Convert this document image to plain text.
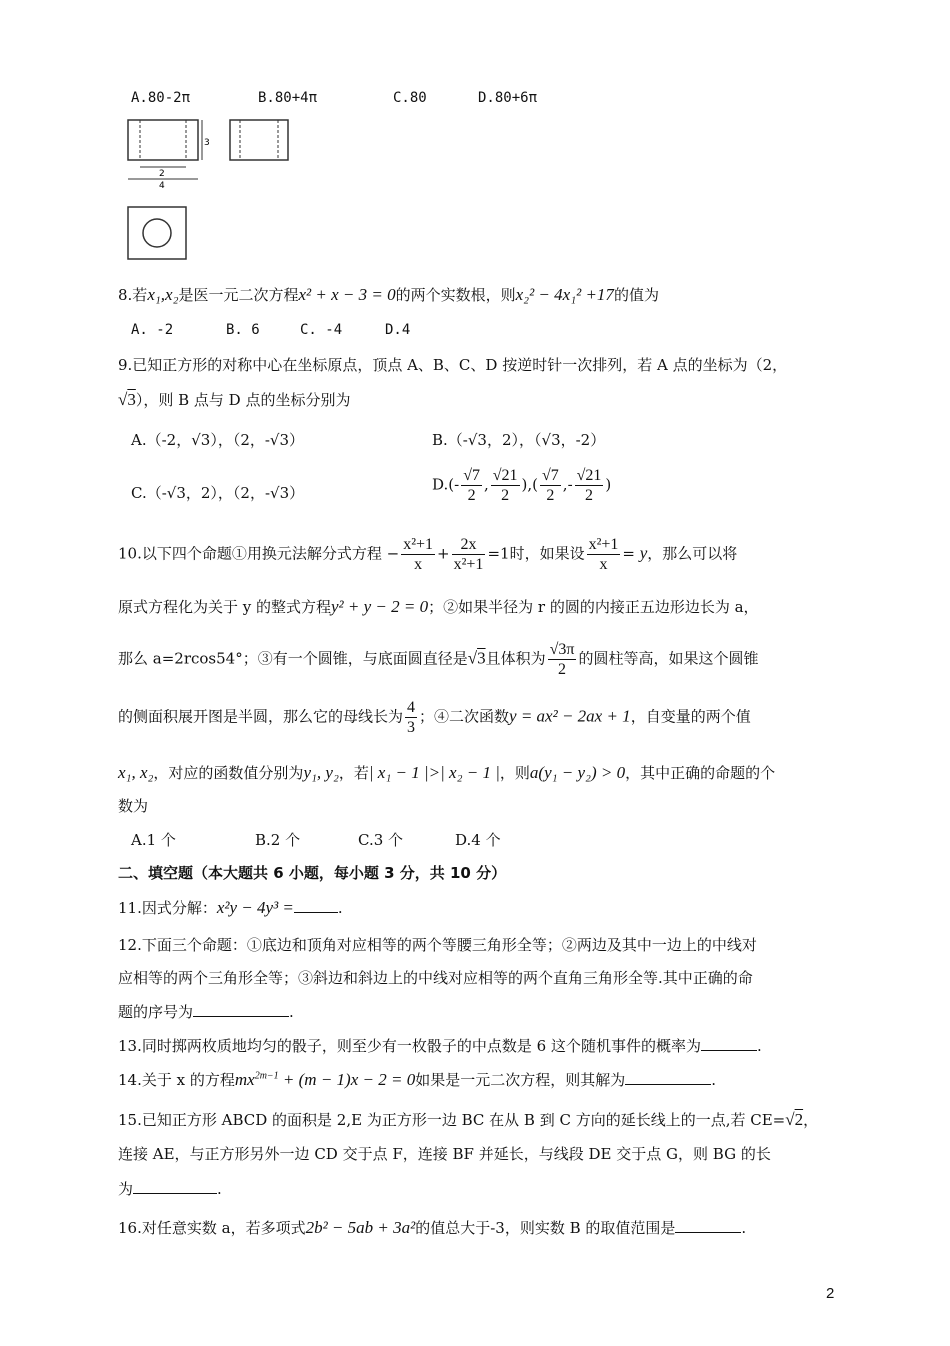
A.80-2π	B.80+4π	C.80	D.80+6π
3
2
4
8.若x₁,x₂是医一元二次方程x² + x − 3 = 0的两个实数根，则x₂² − 4x₁² +17的值为
A. -2	B. 6	C. -4	D.4
9.已知正方形的对称中心在坐标原点，顶点 A、B、C、D 按逆时针一次排列，若 A 点的坐标为（2，
√3），则 B 点与 D 点的坐标分别为
A.（-2，√3），（2，-√3）	B.（-√3，2），（√3，-2）
C.（-√3，2），（2，-√3）	$D.(- \frac{√7}{2}$ , $\frac{√21}{2}$ ),( $\frac{√7}{2}$ ,- $\frac{√21}{2}$ )
10.以下四个命题①用换元法解分式方程 − $\frac{\text{x²+1}}{x} + \frac{2x}{\text{x²+1}} =1$时，如果设 $\frac{\text{x²+1}}{x} = y$，那么可以将
原式方程化为关于 y 的整式方程y² + y − 2 = 0；②如果半径为 r 的圆的内接正五边形边长为 a，
那么 a=2rcos54°；③有一个圆锥，与底面圆直径是√3且体积为 $\frac{√3\pi}{2}$ 的圆柱等高，如果这个圆锥
的侧面积展开图是半圆，那么它的母线长为 $\frac{4}{3}$ ；④二次函数y = ax² − 2ax + 1，自变量的两个值
x₁, x₂，对应的函数值分别为y₁, y₂，若| x₁ − 1 |>| x₂ − 1 |，则a(y₁ − y₂) > 0，其中正确的命题的个
数为
A.1 个	B.2 个	C.3 个	D.4 个
二、填空题（本大题共 6 小题，每小题 3 分，共 10 分）
11.因式分解：x²y − 4y³ =	.
12.下面三个命题：①底边和顶角对应相等的两个等腰三角形全等；②两边及其中一边上的中线对
应相等的两个三角形全等；③斜边和斜边上的中线对应相等的两个直角三角形全等.其中正确的命
题的序号为	.
13.同时掷两枚质地均匀的骰子，则至少有一枚骰子的中点数是 6 这个随机事件的概率为	.
14.关于 x 的方程$mx^{2m-1} + (m - 1)x - 2 = 0$如果是一元二次方程，则其解为	.
15.已知正方形 ABCD 的面积是 2,E 为正方形一边 BC 在从 B 到 C 方向的延长线上的一点,若 CE=√2，
连接 AE，与正方形另外一边 CD 交于点 F，连接 BF 并延长，与线段 DE 交于点 G，则 BG 的长
为	.
16.对任意实数 a，若多项式2b² − 5ab + 3a²的值总大于-3，则实数 B 的取值范围是	.
2
